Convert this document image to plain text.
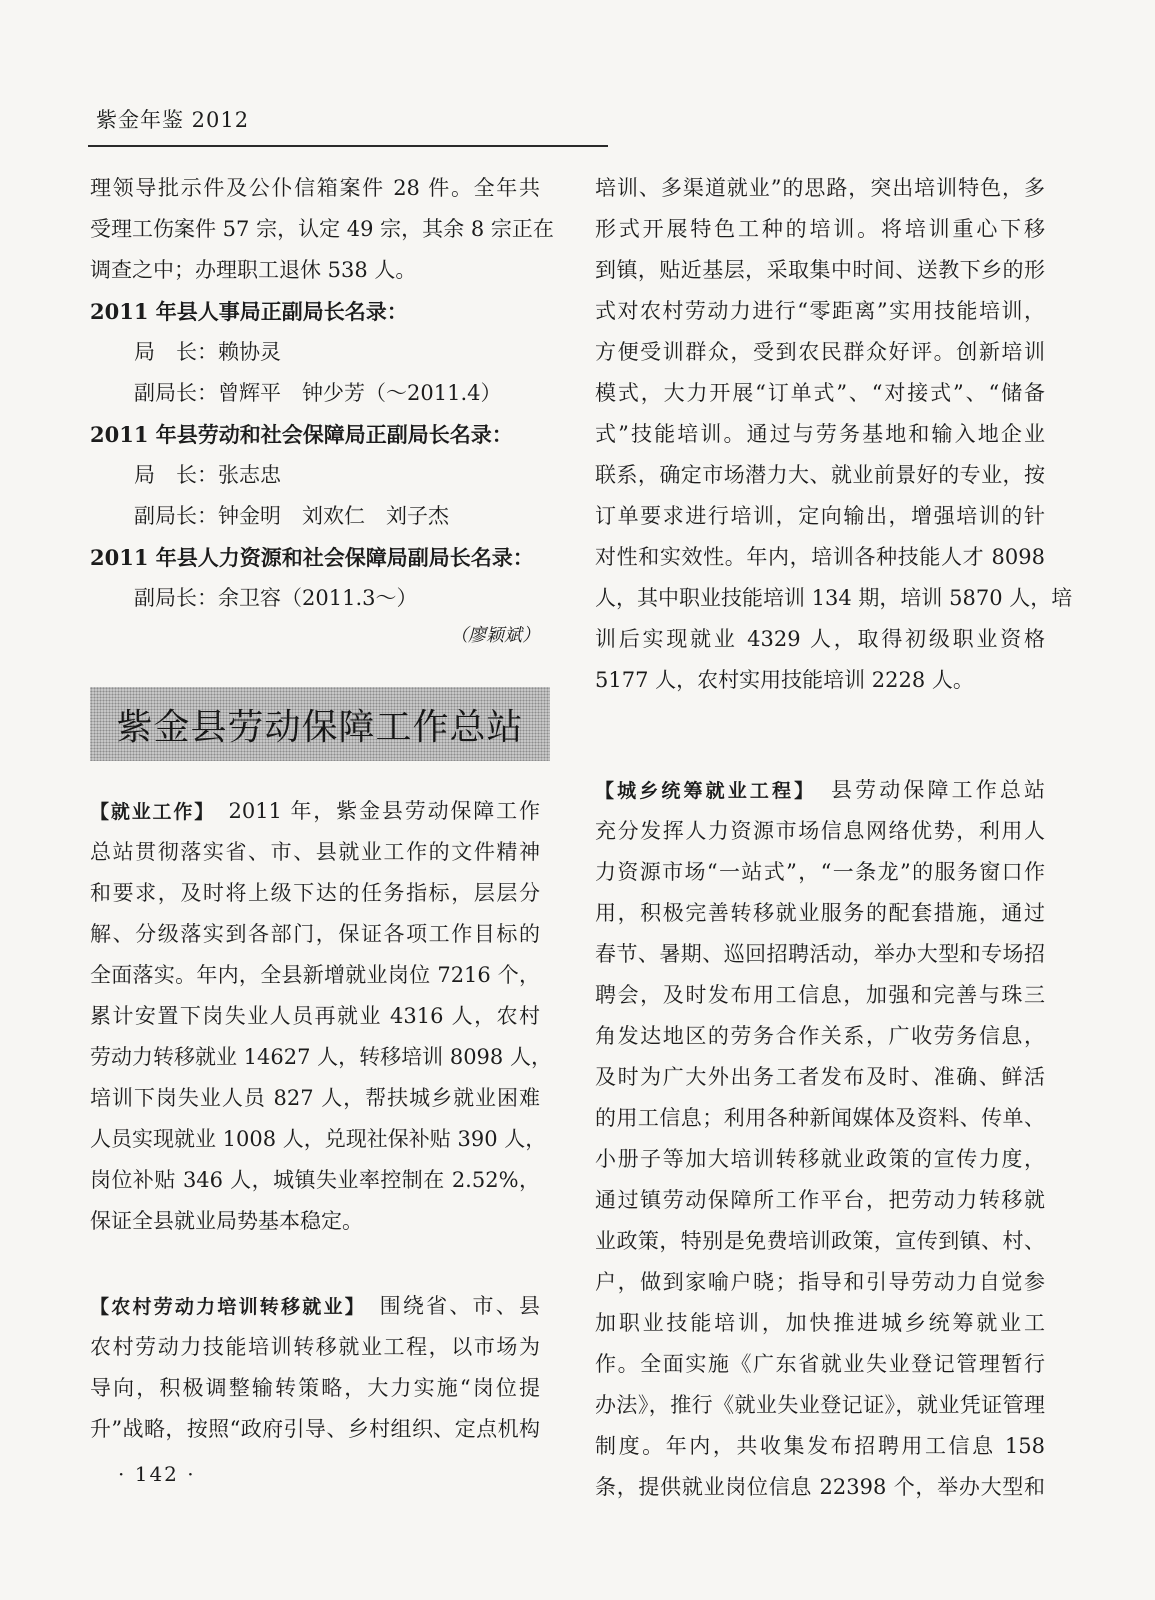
紫金年鉴 2012
理领导批示件及公仆信箱案件 28 件。全年共
受理工伤案件 57 宗，认定 49 宗，其余 8 宗正在
调查之中；办理职工退休 538 人。
2011 年县人事局正副局长名录：
局　长：赖协灵
副局长：曾辉平　钟少芳（～2011.4）
2011 年县劳动和社会保障局正副局长名录：
局　长：张志忠
副局长：钟金明　刘欢仁　刘子杰
2011 年县人力资源和社会保障局副局长名录：
副局长：余卫容（2011.3～）
（廖颖斌）
紫金县劳动保障工作总站
【就业工作】　2011 年，紫金县劳动保障工作
总站贯彻落实省、市、县就业工作的文件精神
和要求，及时将上级下达的任务指标，层层分
解、分级落实到各部门，保证各项工作目标的
全面落实。年内，全县新增就业岗位 7216 个，
累计安置下岗失业人员再就业 4316 人，农村
劳动力转移就业 14627 人，转移培训 8098 人，
培训下岗失业人员 827 人，帮扶城乡就业困难
人员实现就业 1008 人，兑现社保补贴 390 人，
岗位补贴 346 人，城镇失业率控制在 2.52%，
保证全县就业局势基本稳定。
【农村劳动力培训转移就业】　围绕省、市、县
农村劳动力技能培训转移就业工程，以市场为
导向，积极调整输转策略，大力实施“岗位提
升”战略，按照“政府引导、乡村组织、定点机构
培训、多渠道就业”的思路，突出培训特色，多
形式开展特色工种的培训。将培训重心下移
到镇，贴近基层，采取集中时间、送教下乡的形
式对农村劳动力进行“零距离”实用技能培训，
方便受训群众，受到农民群众好评。创新培训
模式，大力开展“订单式”、“对接式”、“储备
式”技能培训。通过与劳务基地和输入地企业
联系，确定市场潜力大、就业前景好的专业，按
订单要求进行培训，定向输出，增强培训的针
对性和实效性。年内，培训各种技能人才 8098
人，其中职业技能培训 134 期，培训 5870 人，培
训后实现就业 4329 人，取得初级职业资格
5177 人，农村实用技能培训 2228 人。
【城乡统筹就业工程】　县劳动保障工作总站
充分发挥人力资源市场信息网络优势，利用人
力资源市场“一站式”，“一条龙”的服务窗口作
用，积极完善转移就业服务的配套措施，通过
春节、暑期、巡回招聘活动，举办大型和专场招
聘会，及时发布用工信息，加强和完善与珠三
角发达地区的劳务合作关系，广收劳务信息，
及时为广大外出务工者发布及时、准确、鲜活
的用工信息；利用各种新闻媒体及资料、传单、
小册子等加大培训转移就业政策的宣传力度，
通过镇劳动保障所工作平台，把劳动力转移就
业政策，特别是免费培训政策，宣传到镇、村、
户，做到家喻户晓；指导和引导劳动力自觉参
加职业技能培训，加快推进城乡统筹就业工
作。全面实施《广东省就业失业登记管理暂行
办法》，推行《就业失业登记证》，就业凭证管理
制度。年内，共收集发布招聘用工信息 158
条，提供就业岗位信息 22398 个，举办大型和
· 142 ·
